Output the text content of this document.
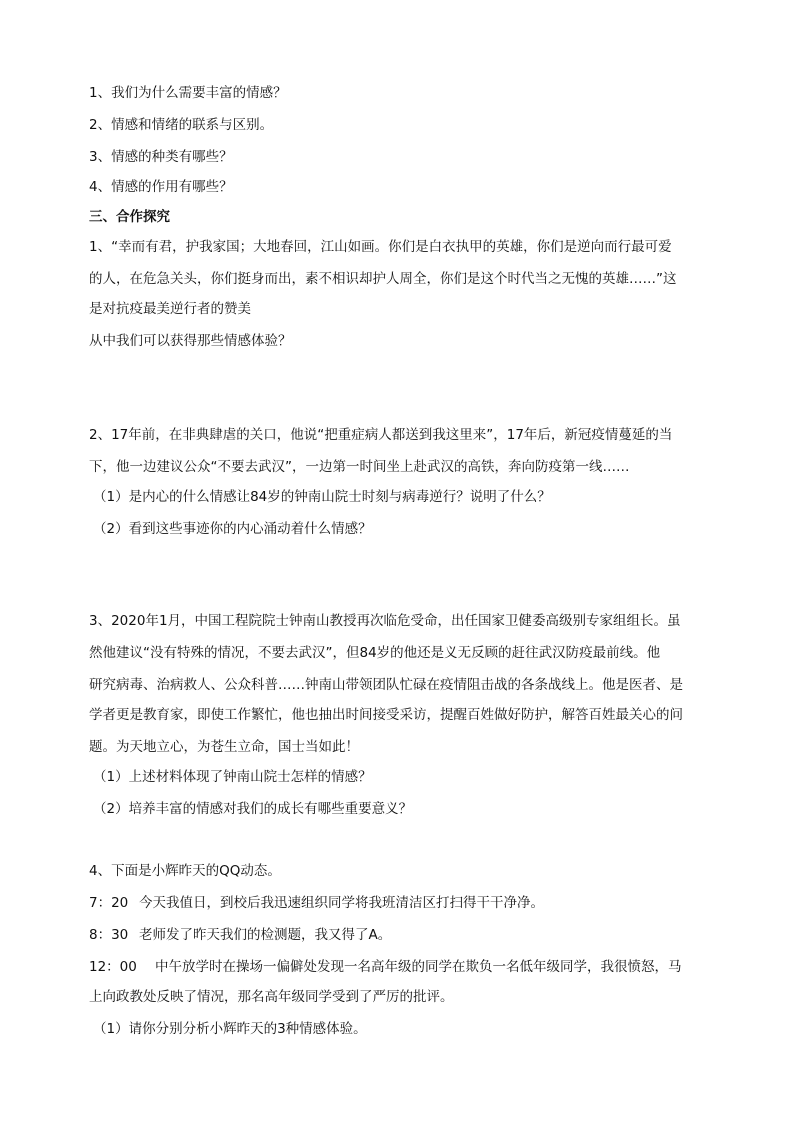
1、我们为什么需要丰富的情感？
2、情感和情绪的联系与区别。
3、情感的种类有哪些？
4、情感的作用有哪些？
三、合作探究
1、“幸而有君，护我家国；大地春回，江山如画。你们是白衣执甲的英雄，你们是逆向而行最可爱
的人，在危急关头，你们挺身而出，素不相识却护人周全，你们是这个时代当之无愧的英雄……”这
是对抗疫最美逆行者的赞美
从中我们可以获得那些情感体验？
2、17年前，在非典肆虐的关口，他说“把重症病人都送到我这里来”，17年后，新冠疫情蔓延的当
下，他一边建议公众“不要去武汉”，一边第一时间坐上赴武汉的高铁，奔向防疫第一线……
（1）是内心的什么情感让84岁的钟南山院士时刻与病毒逆行？说明了什么？
（2）看到这些事迹你的内心涌动着什么情感？
3、2020年1月，中国工程院院士钟南山教授再次临危受命，出任国家卫健委高级别专家组组长。虽
然他建议“没有特殊的情况，不要去武汉”，但84岁的他还是义无反顾的赶往武汉防疫最前线。他
研究病毒、治病救人、公众科普……钟南山带领团队忙碌在疫情阻击战的各条战线上。他是医者、是
学者更是教育家，即使工作繁忙，他也抽出时间接受采访，提醒百姓做好防护，解答百姓最关心的问
题。为天地立心，为苍生立命，国士当如此！
（1）上述材料体现了钟南山院士怎样的情感？
（2）培养丰富的情感对我们的成长有哪些重要意义？
4、下面是小辉昨天的QQ动态。
7：20 今天我值日，到校后我迅速组织同学将我班清洁区打扫得干干净净。
8：30 老师发了昨天我们的检测题，我又得了A。
12：00 中午放学时在操场一偏僻处发现一名高年级的同学在欺负一名低年级同学，我很愤怒，马
上向政教处反映了情况，那名高年级同学受到了严厉的批评。
（1）请你分别分析小辉昨天的3种情感体验。
